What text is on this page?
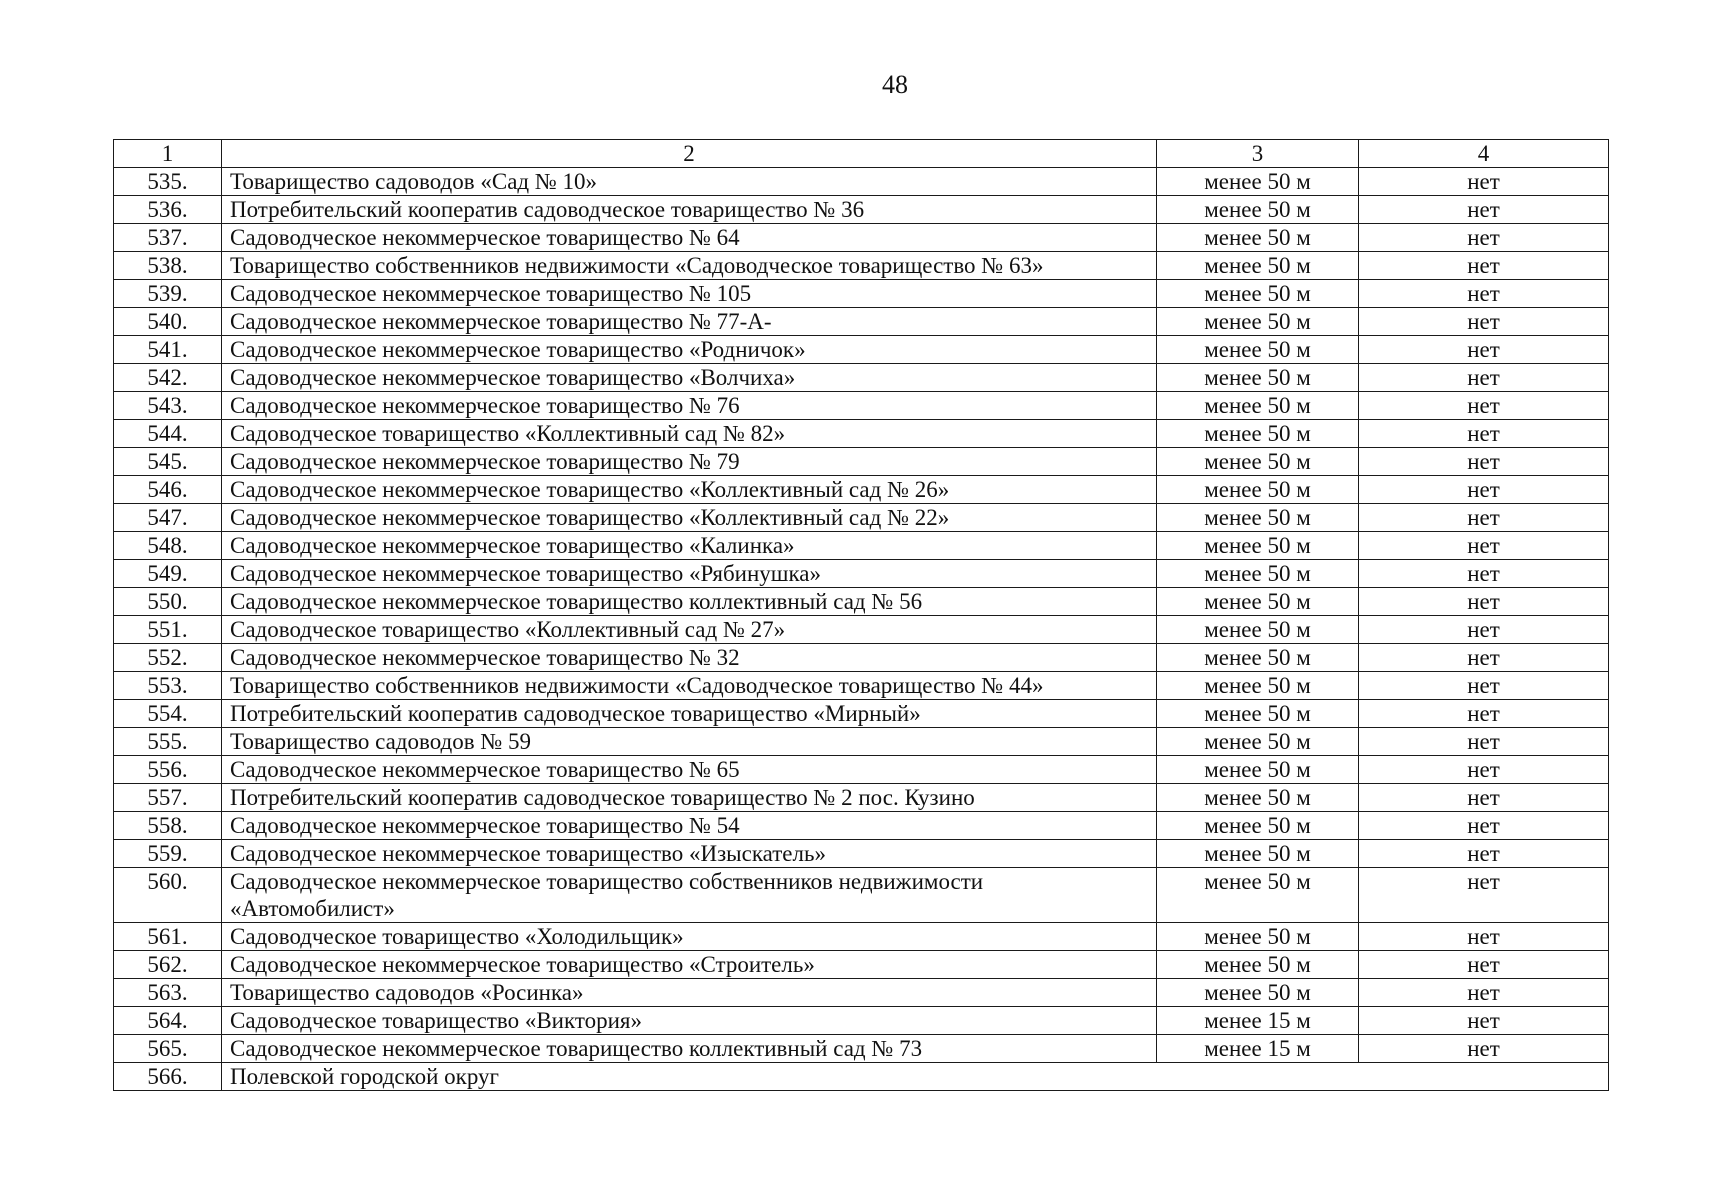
48
1	2	3	4
535.	Товарищество садоводов «Сад № 10»	менее 50 м	нет
536.	Потребительский кооператив садоводческое товарищество № 36	менее 50 м	нет
537.	Садоводческое некоммерческое товарищество № 64	менее 50 м	нет
538.	Товарищество собственников недвижимости «Садоводческое товарищество № 63»	менее 50 м	нет
539.	Садоводческое некоммерческое товарищество № 105	менее 50 м	нет
540.	Садоводческое некоммерческое товарищество № 77-А-	менее 50 м	нет
541.	Садоводческое некоммерческое товарищество «Родничок»	менее 50 м	нет
542.	Садоводческое некоммерческое товарищество «Волчиха»	менее 50 м	нет
543.	Садоводческое некоммерческое товарищество № 76	менее 50 м	нет
544.	Садоводческое товарищество «Коллективный сад № 82»	менее 50 м	нет
545.	Садоводческое некоммерческое товарищество № 79	менее 50 м	нет
546.	Садоводческое некоммерческое товарищество «Коллективный сад № 26»	менее 50 м	нет
547.	Садоводческое некоммерческое товарищество «Коллективный сад № 22»	менее 50 м	нет
548.	Садоводческое некоммерческое товарищество «Калинка»	менее 50 м	нет
549.	Садоводческое некоммерческое товарищество «Рябинушка»	менее 50 м	нет
550.	Садоводческое некоммерческое товарищество коллективный сад № 56	менее 50 м	нет
551.	Садоводческое товарищество «Коллективный сад № 27»	менее 50 м	нет
552.	Садоводческое некоммерческое товарищество № 32	менее 50 м	нет
553.	Товарищество собственников недвижимости «Садоводческое товарищество № 44»	менее 50 м	нет
554.	Потребительский кооператив садоводческое товарищество «Мирный»	менее 50 м	нет
555.	Товарищество садоводов № 59	менее 50 м	нет
556.	Садоводческое некоммерческое товарищество № 65	менее 50 м	нет
557.	Потребительский кооператив садоводческое товарищество № 2 пос. Кузино	менее 50 м	нет
558.	Садоводческое некоммерческое товарищество № 54	менее 50 м	нет
559.	Садоводческое некоммерческое товарищество «Изыскатель»	менее 50 м	нет
560.	Садоводческое некоммерческое товарищество собственников недвижимости «Автомобилист»	менее 50 м	нет
561.	Садоводческое товарищество «Холодильщик»	менее 50 м	нет
562.	Садоводческое некоммерческое товарищество «Строитель»	менее 50 м	нет
563.	Товарищество садоводов «Росинка»	менее 50 м	нет
564.	Садоводческое товарищество «Виктория»	менее 15 м	нет
565.	Садоводческое некоммерческое товарищество коллективный сад № 73	менее 15 м	нет
566.	Полевской городской округ		
